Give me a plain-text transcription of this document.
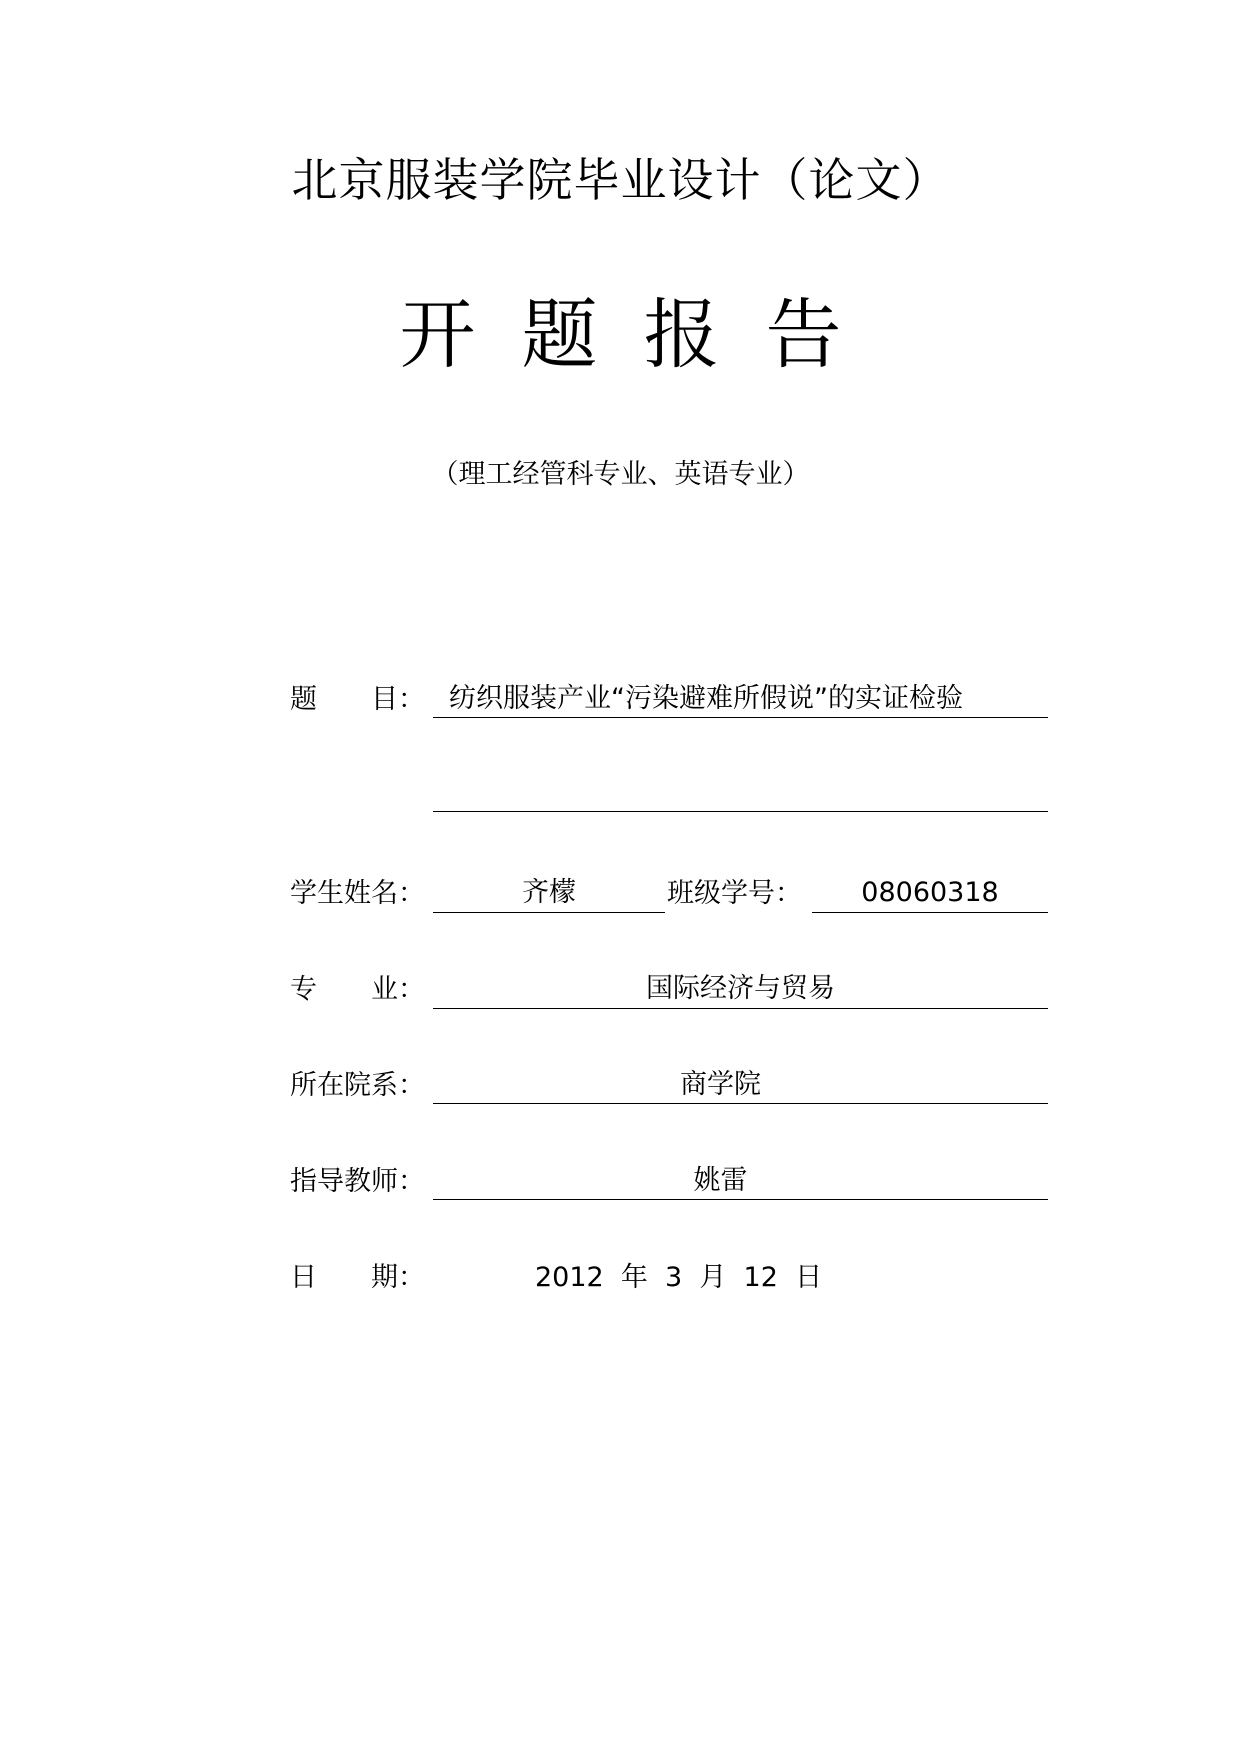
北京服装学院毕业设计（论文）
开题报告
（理工经管科专业、英语专业）
题　　目： 纺织服装产业“污染避难所假说”的实证检验
学生姓名：	齐檬	班级学号：	08060318
专　　业：	国际经济与贸易
所在院系：	商学院
指导教师：	姚雷
日　　期：	2012  年  3  月  12  日
